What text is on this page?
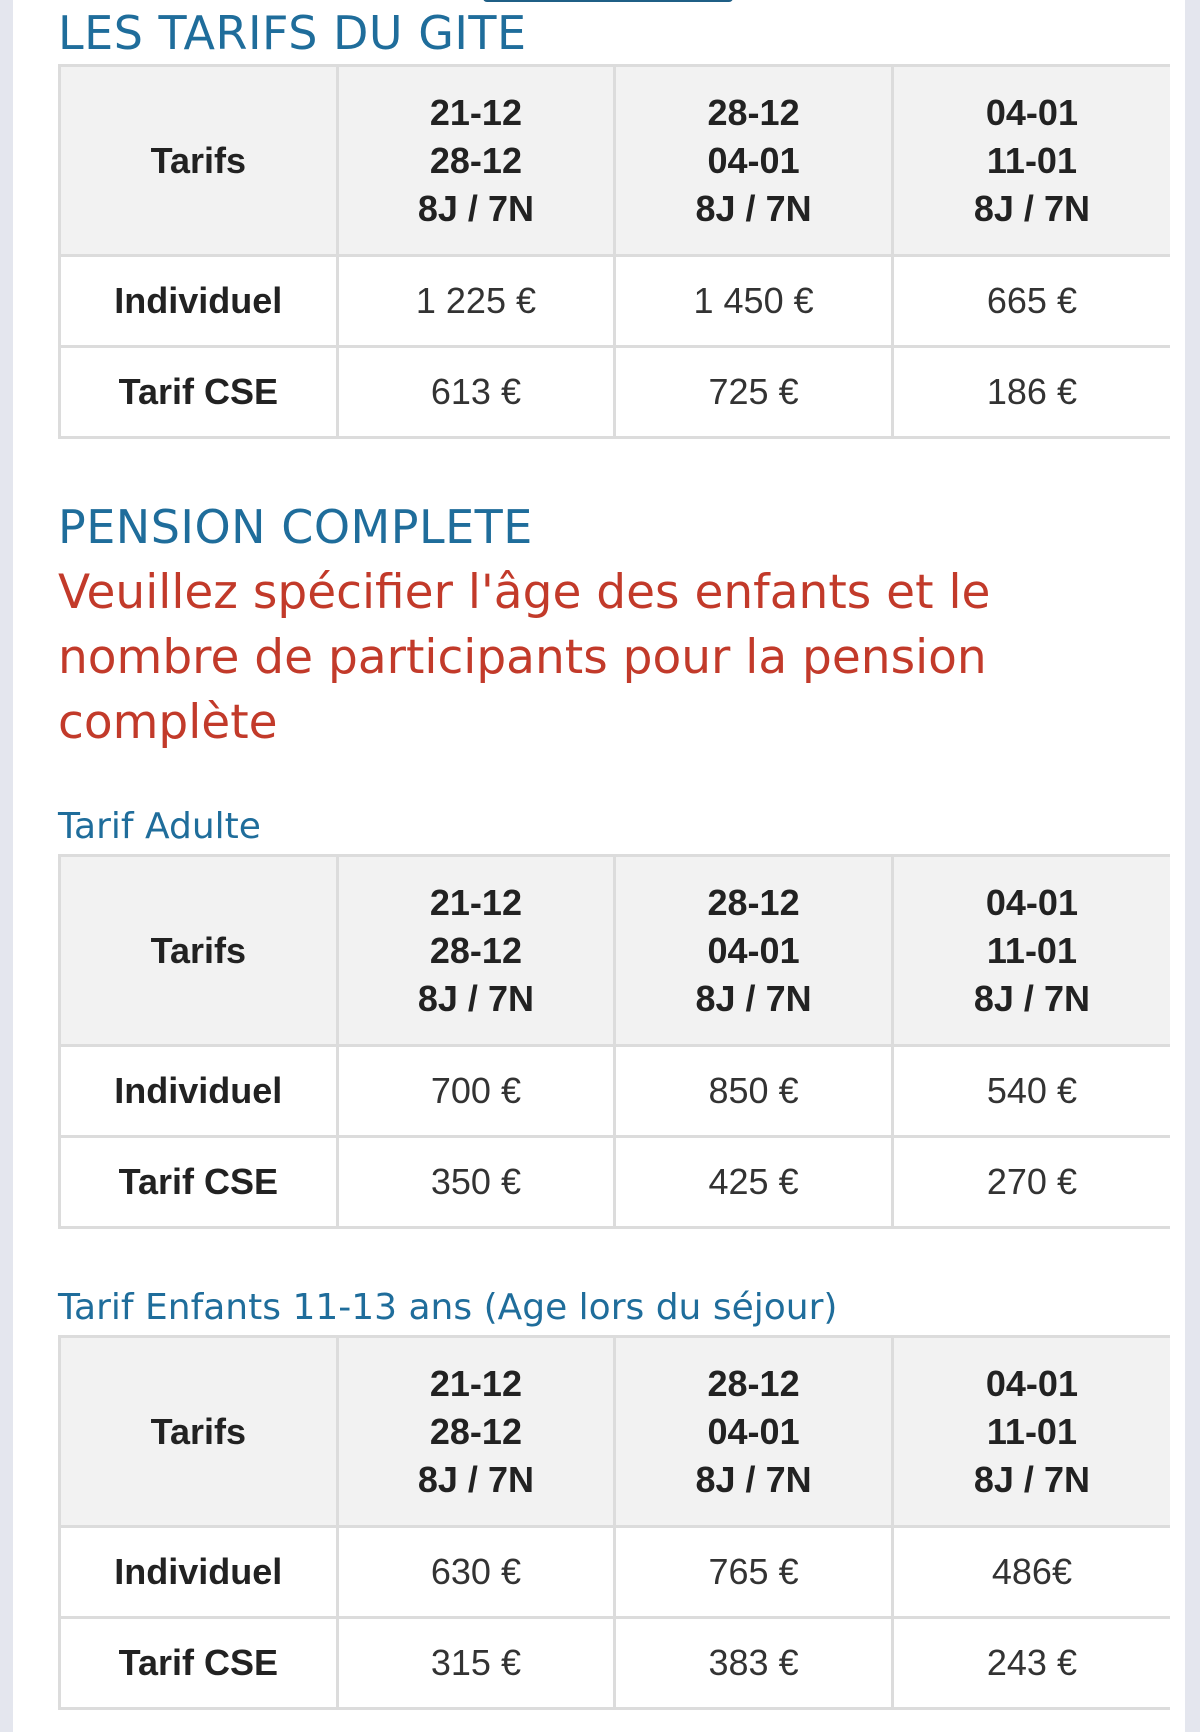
LES TARIFS DU GITE
Tarifs	21-12
28-12
8J / 7N	28-12
04-01
8J / 7N	04-01
11-01
8J / 7N

Individuel	1 225 €	1 450 €	665 €
Tarif CSE	613 €	725 €	186 €
PENSION COMPLETE

Veuillez spécifier l'âge des enfants et le nombre de participants pour la pension complète

Tarif Adulte
Tarifs	21-12
28-12
8J / 7N	28-12
04-01
8J / 7N	04-01
11-01
8J / 7N

Individuel	700 €	850 €	540 €
Tarif CSE	350 €	425 €	270 €
Tarif Enfants 11-13 ans (Age lors du séjour)
Tarifs	21-12
28-12
8J / 7N	28-12
04-01
8J / 7N	04-01
11-01
8J / 7N

Individuel	630 €	765 €	486€
Tarif CSE	315 €	383 €	243 €
